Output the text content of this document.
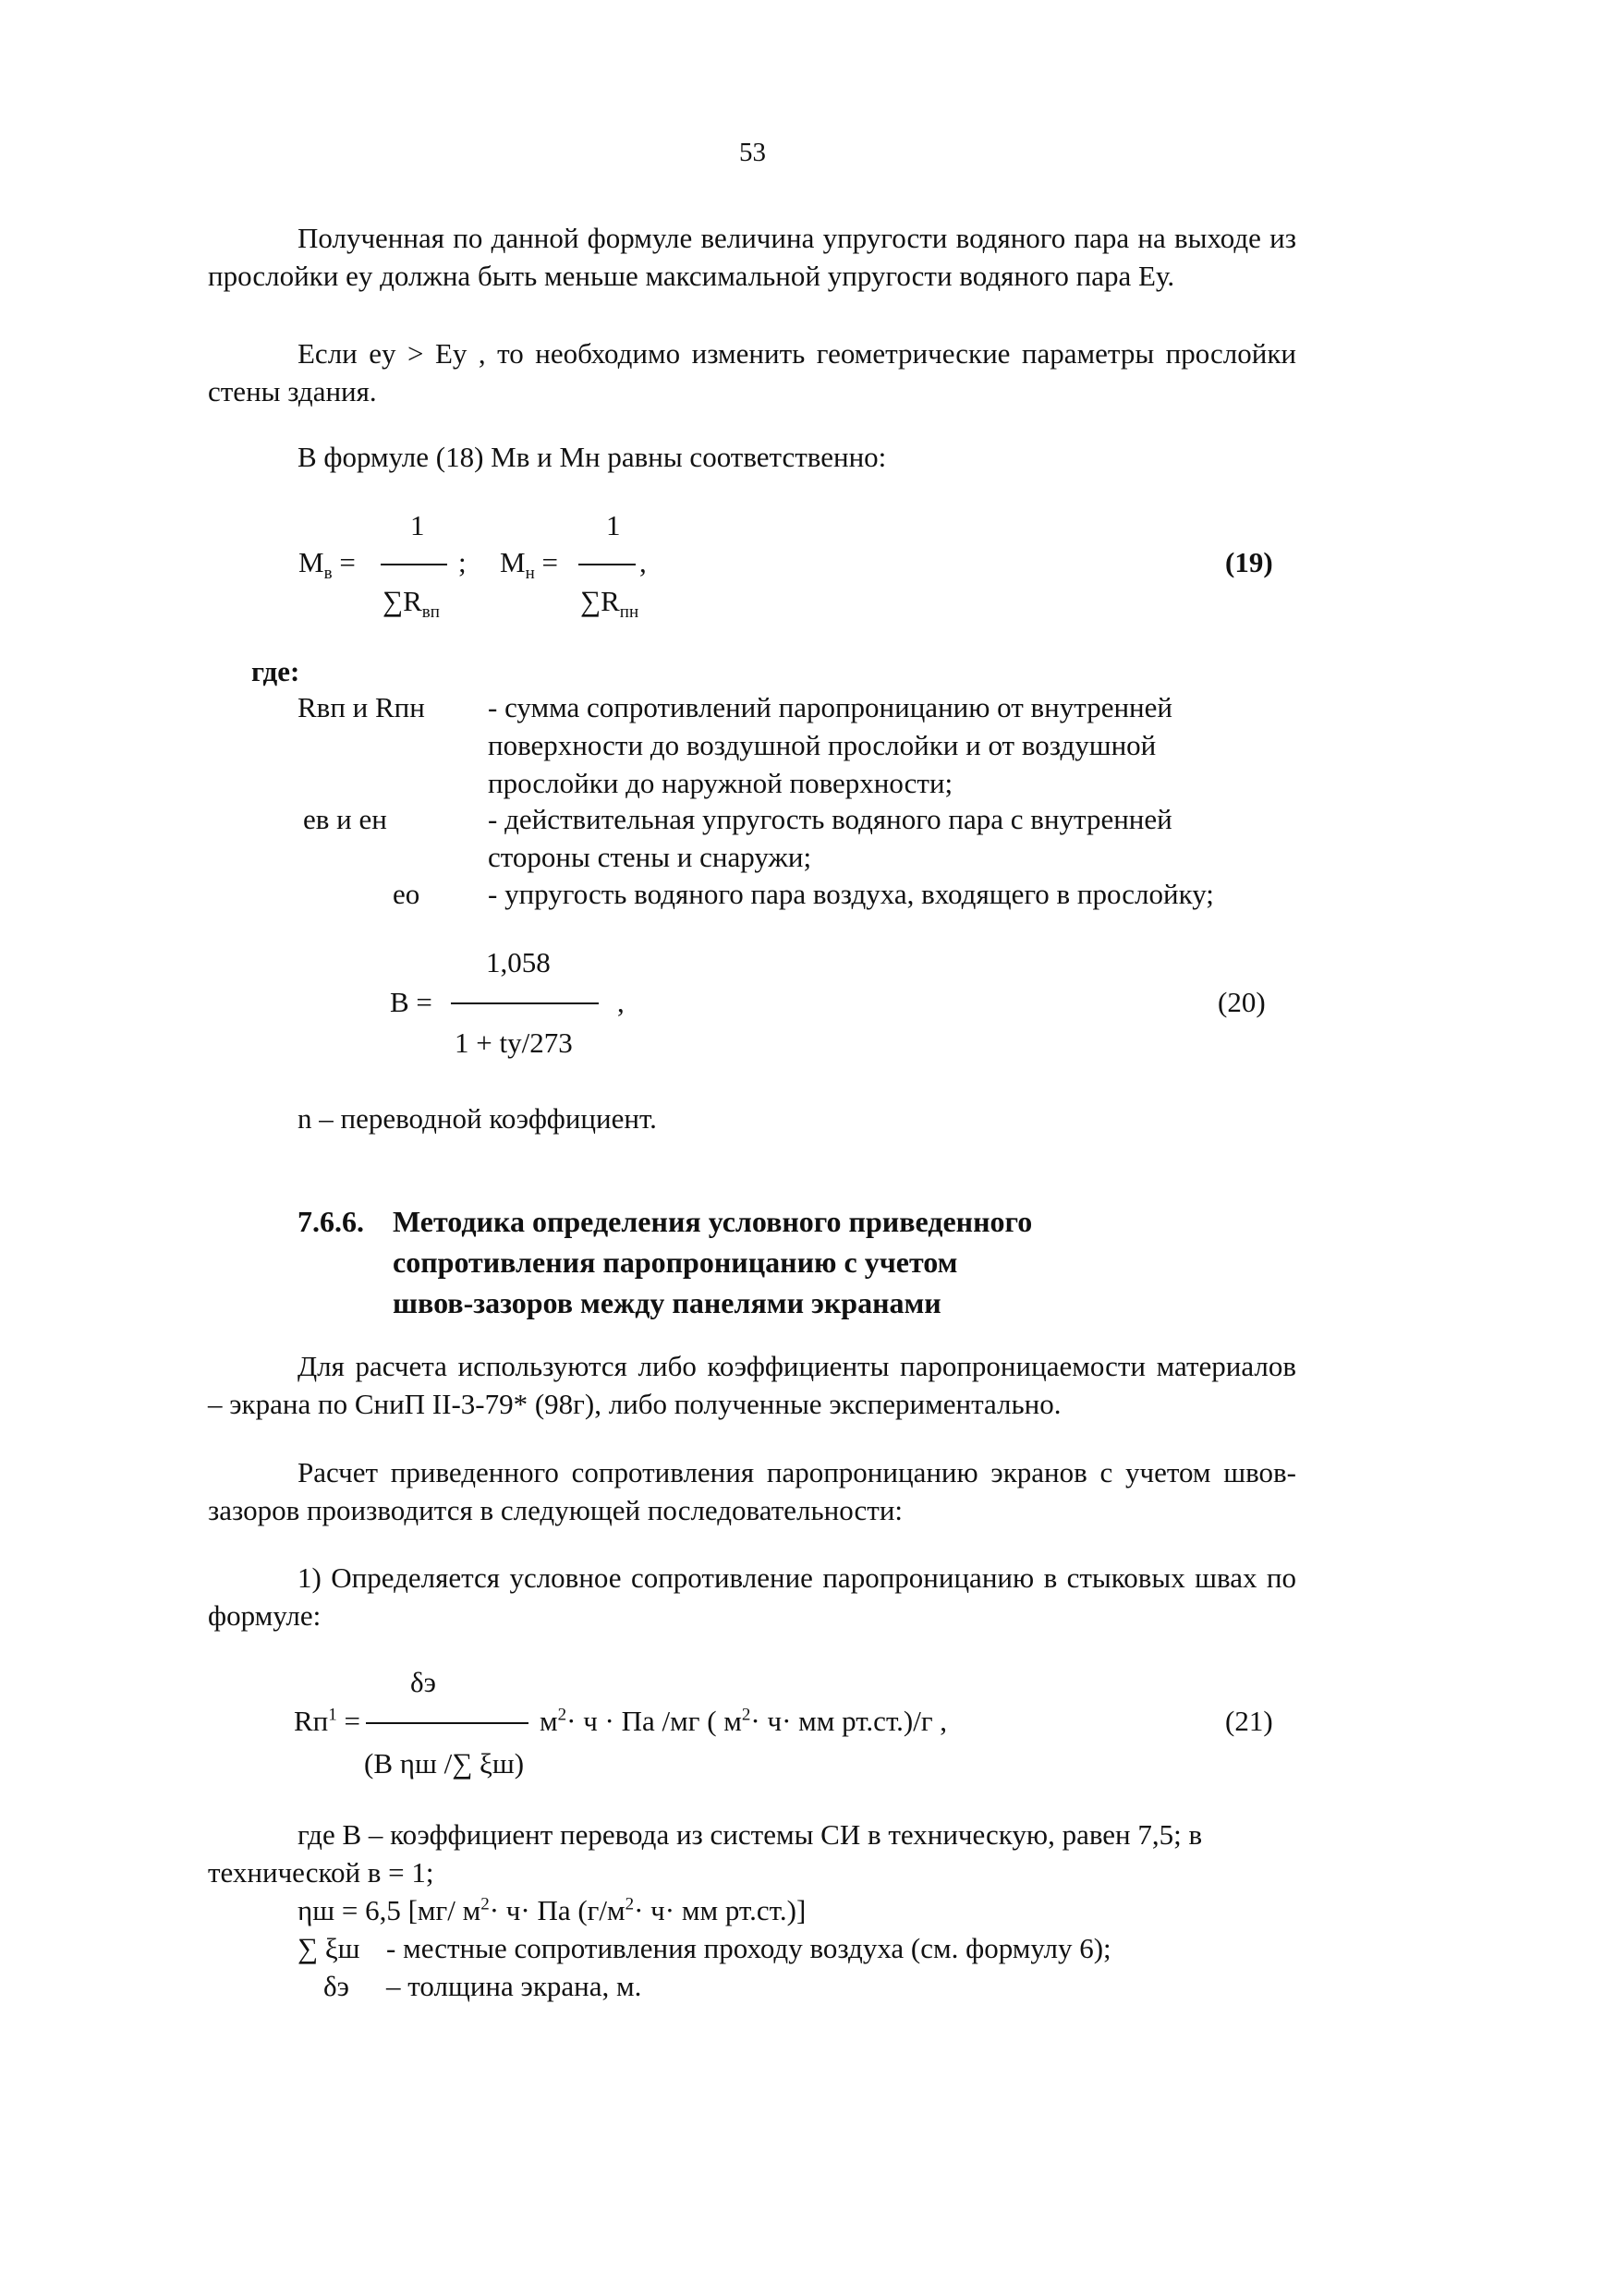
53
Полученная по данной формуле величина упругости водяного пара на выходе из прослойки eу должна быть меньше максимальной упругости водяного пара Eу.
Если eу > Eу , то необходимо изменить геометрические параметры прослойки стены здания.
В формуле (18) Mв и Mн равны соответственно:
1
$M_в$ =	;
$\sum R_{вп}$
1
$M_н$ =	,
$\sum R_{пн}$
(19)
где:
Rвп и Rпн - сумма сопротивлений паропроницанию от внутренней
поверхности до воздушной прослойки и от воздушной
прослойки до наружной поверхности;
eв и eн	- действительная упругость водяного пара с внутренней
стороны стены и снаружи;
eо - упругость водяного пара воздуха, входящего в прослойку;
1,058
B =	,
1 + tу/273
(20)
n – переводной коэффициент.
7.6.6. Методика определения условного приведенного
сопротивления паропроницанию с учетом
швов-зазоров между панелями экранами
Для расчета используются либо коэффициенты паропроницаемости материалов – экрана по СниП II-3-79* (98г), либо полученные экспериментально.
Расчет приведенного сопротивления паропроницанию экранов с учетом швов-зазоров производится в следующей последовательности:
1) Определяется условное сопротивление паропроницанию в стыковых швах по формуле:
δэ
$Rп^1$ =	$м^2\cdot ч$ · Па /мг ( $м^2\cdot ч\cdot$ мм рт.ст.)/г ,
(B ηш /∑ ξш)
(21)
где B – коэффициент перевода из системы СИ в техническую, равен 7,5; в
технической в = 1;
ηш = 6,5 [мг/ $м^2\cdot ч\cdot$ Па ($г/м^2\cdot ч\cdot$ мм рт.ст.)]
∑ ξш - местные сопротивления проходу воздуха (см. формулу 6);
δэ – толщина экрана, м.
